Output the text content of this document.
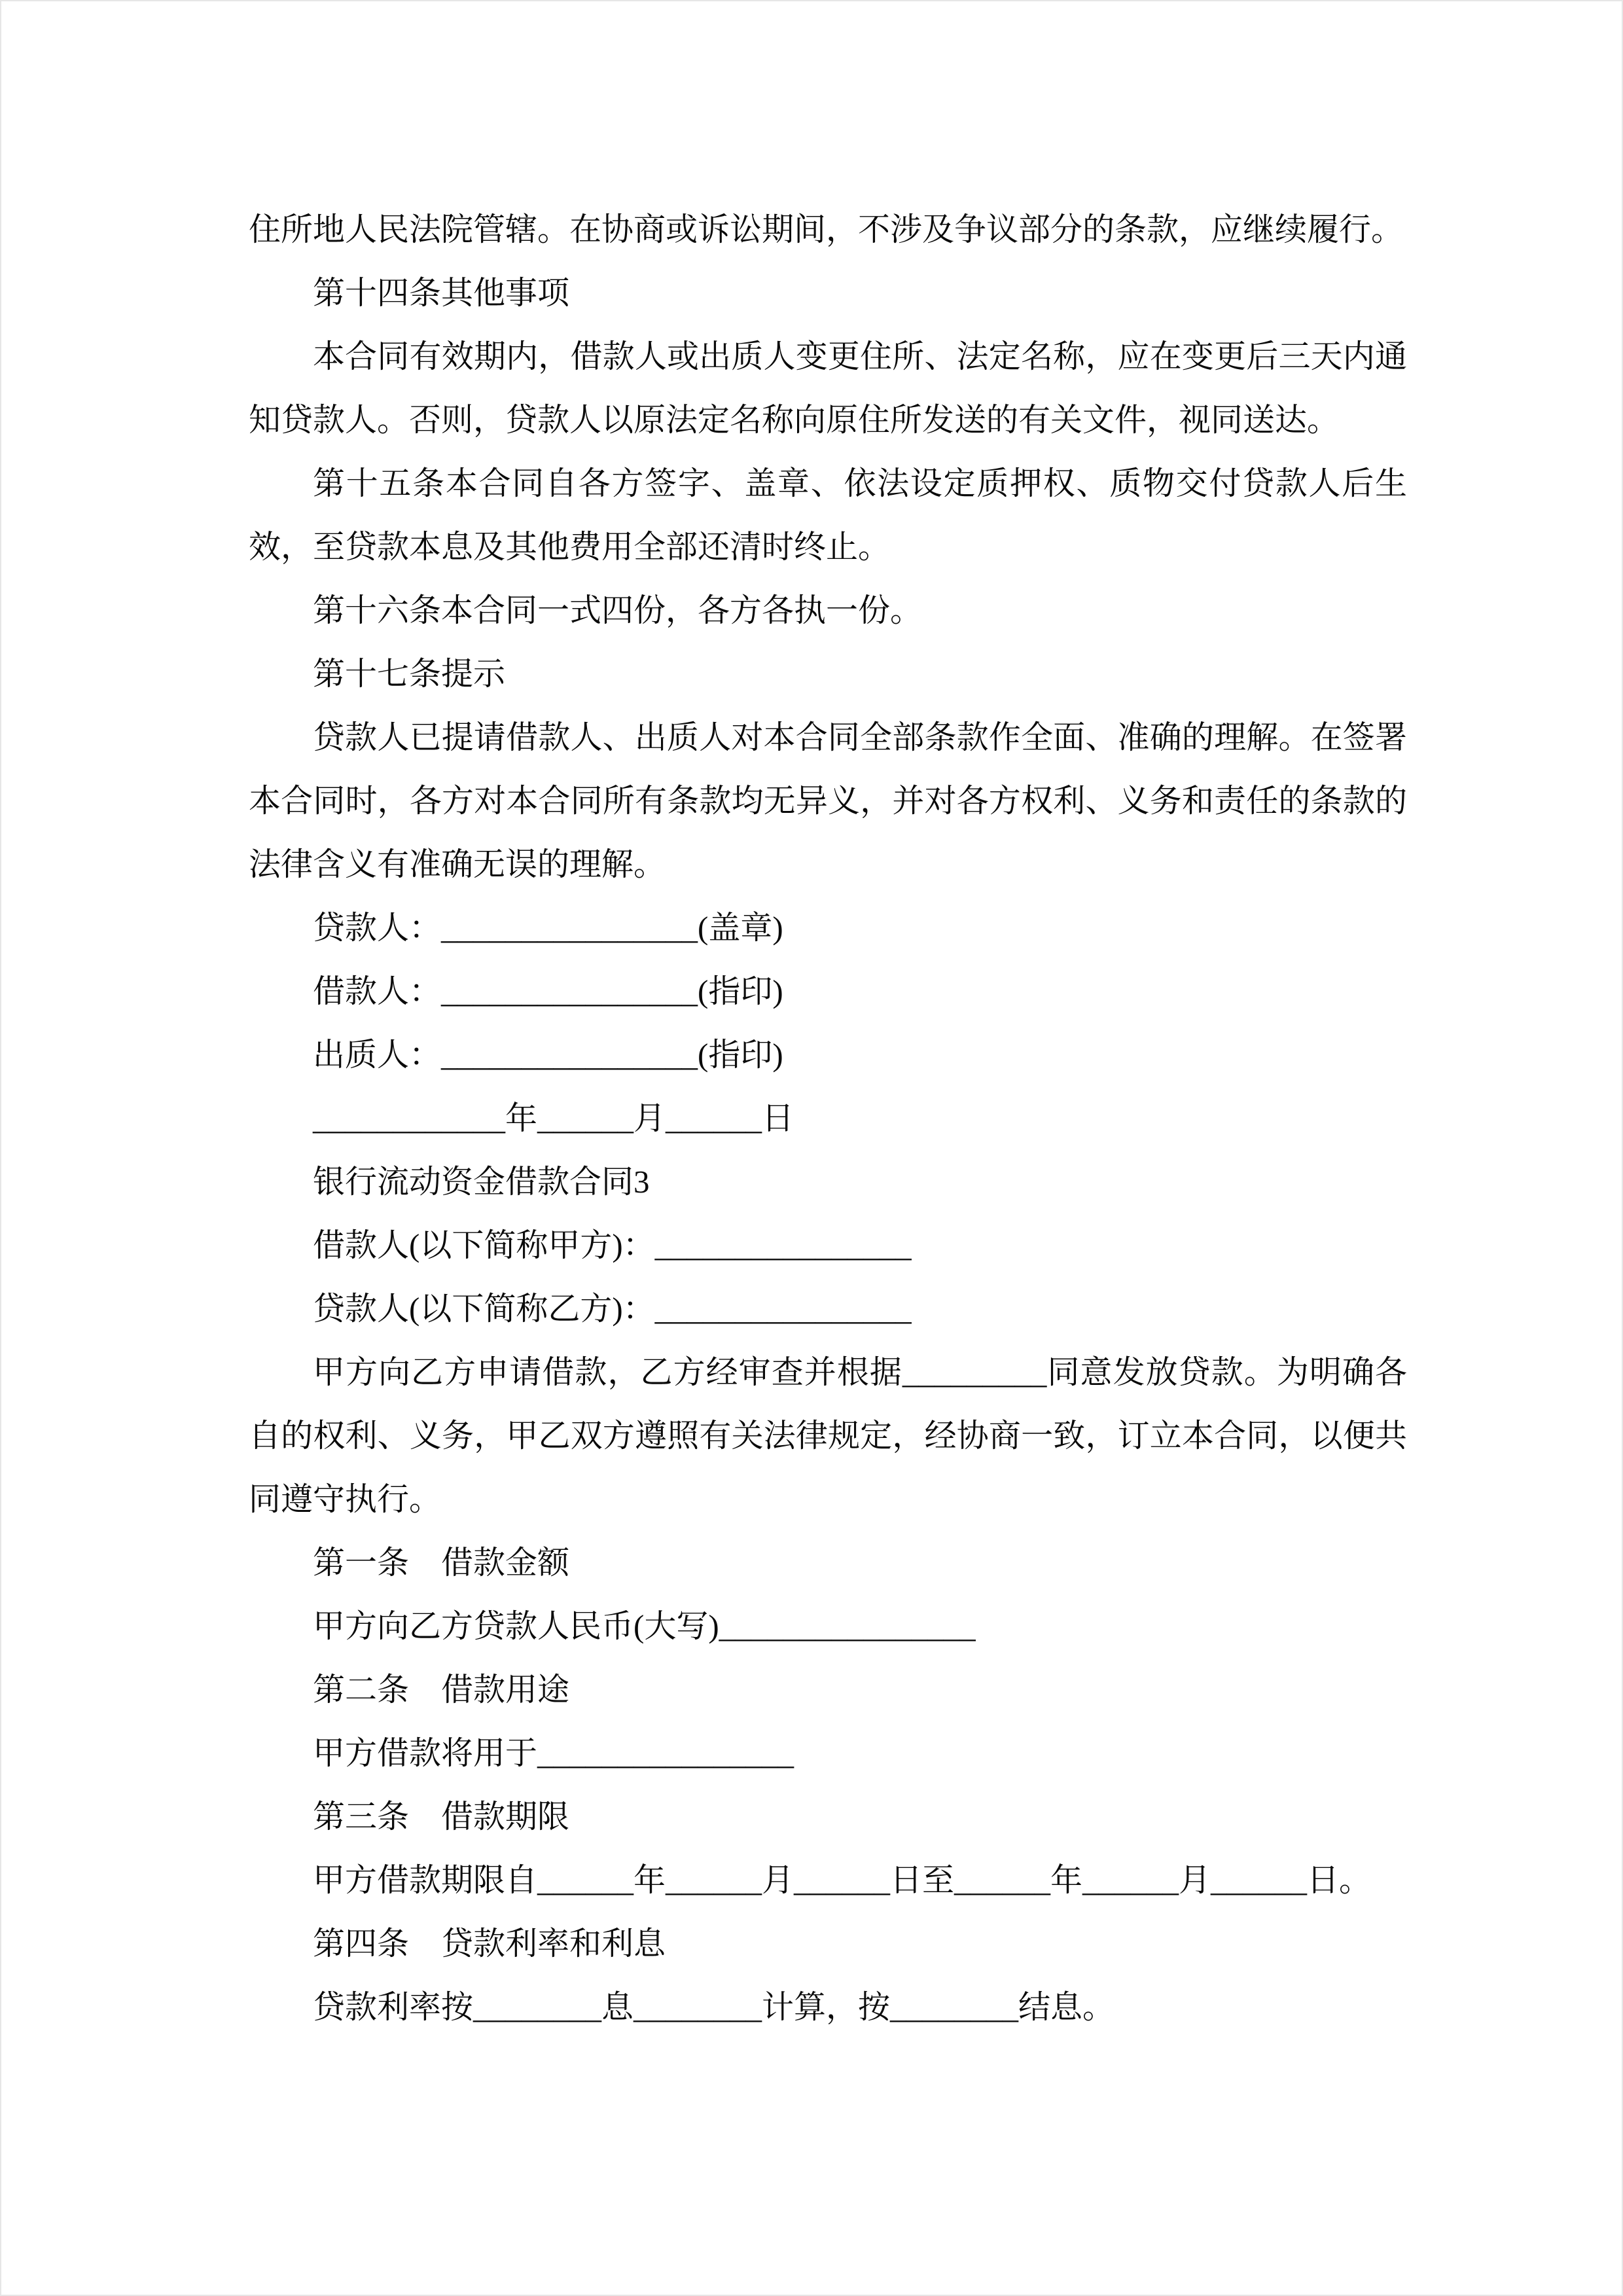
住所地人民法院管辖。在协商或诉讼期间，不涉及争议部分的条款，应继续履行。

第十四条其他事项

本合同有效期内，借款人或出质人变更住所、法定名称，应在变更后三天内通知贷款人。否则，贷款人以原法定名称向原住所发送的有关文件，视同送达。

第十五条本合同自各方签字、盖章、依法设定质押权、质物交付贷款人后生效，至贷款本息及其他费用全部还清时终止。

第十六条本合同一式四份，各方各执一份。

第十七条提示

贷款人已提请借款人、出质人对本合同全部条款作全面、准确的理解。在签署本合同时，各方对本合同所有条款均无异义，并对各方权利、义务和责任的条款的法律含义有准确无误的理解。

贷款人：________________(盖章)

借款人：________________(指印)

出质人：________________(指印)

____________年______月______日

银行流动资金借款合同3

借款人(以下简称甲方)：________________

贷款人(以下简称乙方)：________________

甲方向乙方申请借款，乙方经审查并根据_________同意发放贷款。为明确各自的权利、义务，甲乙双方遵照有关法律规定，经协商一致，订立本合同，以便共同遵守执行。

第一条　借款金额

甲方向乙方贷款人民币(大写)________________

第二条　借款用途

甲方借款将用于________________

第三条　借款期限

甲方借款期限自______年______月______日至______年______月______日。

第四条　贷款利率和利息

贷款利率按________息________计算，按________结息。
